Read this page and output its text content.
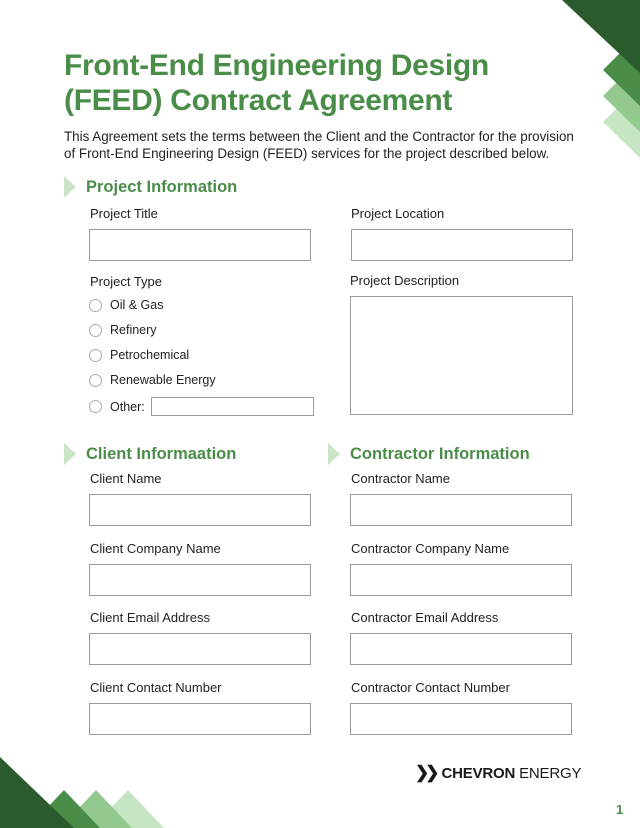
Front-End Engineering Design
(FEED) Contract Agreement

This Agreement sets the terms between the Client and the Contractor for the provision of Front-End Engineering Design (FEED) services for the project described below.

Project Information
Project Title	Project Location
Project Type
Oil & Gas
Refinery
Petrochemical
Renewable Energy
Other:
Project Description
Client Informaation
Client Name
Client Company Name
Client Email Address
Client Contact Number
Contractor Information
Contractor Name
Contractor Company Name
Contractor Email Address
Contractor Contact Number
❯❯ CHEVRON ENERGY
1
